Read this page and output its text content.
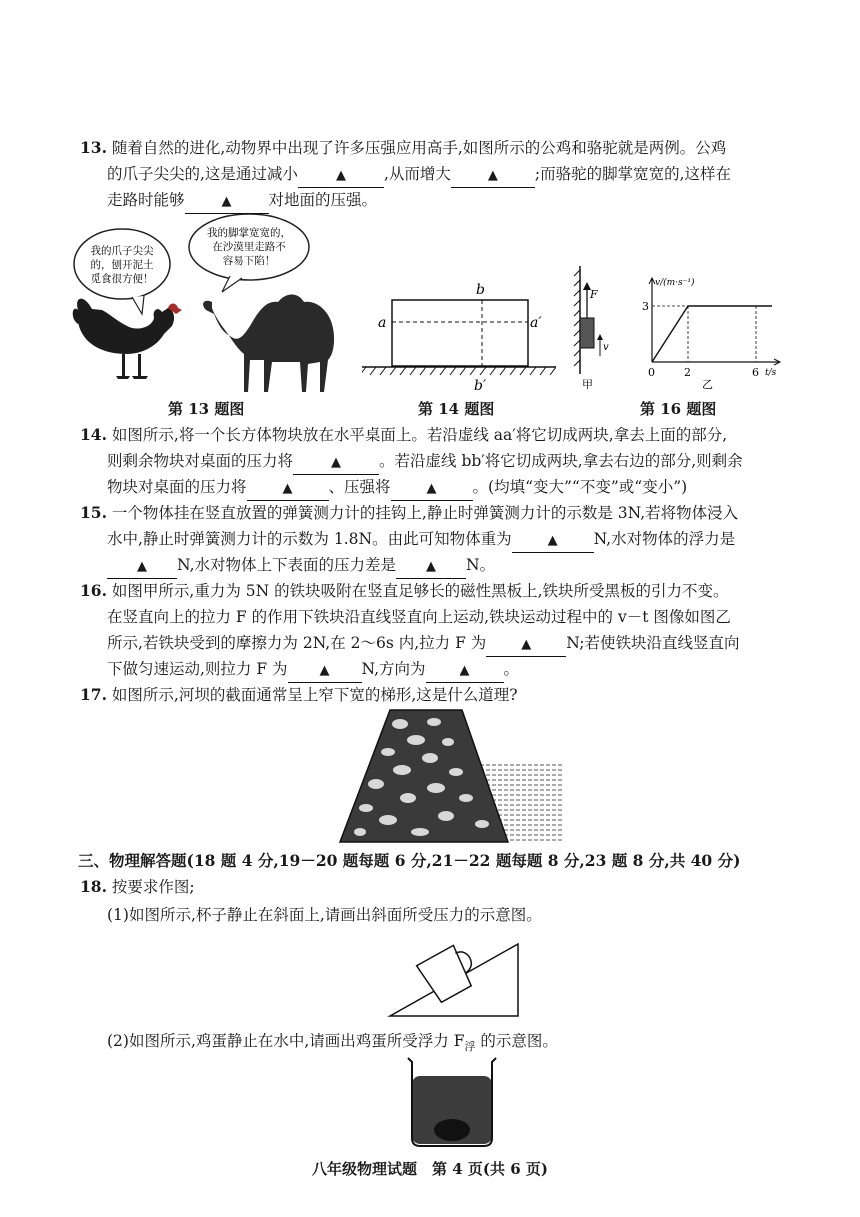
13. 随着自然的进化,动物界中出现了许多压强应用高手,如图所示的公鸡和骆驼就是两例。公鸡
的爪子尖尖的,这是通过减小	▲ ,从而增大	▲ ;而骆驼的脚掌宽宽的,这样在
走路时能够	▲ 对地面的压强。
我的爪子尖尖
的，刨开泥土
觅食很方便！
我的脚掌宽宽的，
在沙漠里走路不
容易下陷！
a	a′
b
b′
F
v
甲
v/(m·s⁻¹)
3
0	2	6 t/s
乙
第 13 题图	第 14 题图	第 16 题图
14. 如图所示,将一个长方体物块放在水平桌面上。若沿虚线 aa′将它切成两块,拿去上面的部分,
则剩余物块对桌面的压力将	▲ 。若沿虚线 bb′将它切成两块,拿去右边的部分,则剩余
物块对桌面的压力将	▲ 、压强将	▲ 。(均填“变大”“不变”或“变小”)
15. 一个物体挂在竖直放置的弹簧测力计的挂钩上,静止时弹簧测力计的示数是 3N,若将物体浸入
水中,静止时弹簧测力计的示数为 1.8N。由此可知物体重为	▲ N,水对物体的浮力是
▲ N,水对物体上下表面的压力差是 ▲ N。
16. 如图甲所示,重力为 5N 的铁块吸附在竖直足够长的磁性黑板上,铁块所受黑板的引力不变。
在竖直向上的拉力 F 的作用下铁块沿直线竖直向上运动,铁块运动过程中的 v－t 图像如图乙
所示,若铁块受到的摩擦力为 2N,在 2～6s 内,拉力 F 为	▲ N;若使铁块沿直线竖直向
下做匀速运动,则拉力 F 为 ▲ N,方向为	▲ 。
17. 如图所示,河坝的截面通常呈上窄下宽的梯形,这是什么道理?
三、物理解答题(18 题 4 分,19－20 题每题 6 分,21－22 题每题 8 分,23 题 8 分,共 40 分)
18. 按要求作图;
(1)如图所示,杯子静止在斜面上,请画出斜面所受压力的示意图。
(2)如图所示,鸡蛋静止在水中,请画出鸡蛋所受浮力 $F_浮$ 的示意图。
八年级物理试题　第 4 页(共 6 页)
